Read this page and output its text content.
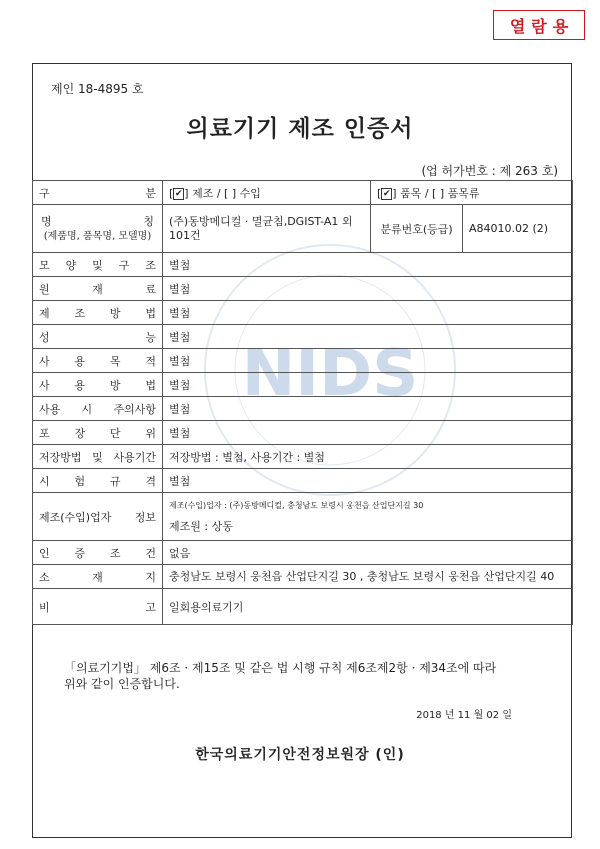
열람용
NIDS
제인 18-4895 호
의료기기 제조 인증서
(업 허가번호 : 제 263 호)
구 분	[ ✔ ] 제조 / [ ] 수입	[ ✔ ] 품목 / [ ] 품목류	

명 칭
(제품명, 품목명, 모델명)	(주)동방메디컬 · 멸균침,DGIST-A1 외 101건	분류번호(등급)	A84010.02 (2)
모 양 및 구 조	별첨		
원 재 료	별첨		
제 조 방 법	별첨		
성 능	별첨		
사 용 목 적	별첨		
사 용 방 법	별첨		
사용 시 주의사항	별첨		
포 장 단 위	별첨		
저장방법 및 사용기간	저장방법 : 별첨, 사용기간 : 별첨		
시 험 규 격	별첨		
제조(수입)업자 정보	제조(수입)업자 : (주)동방메디컬, 충청남도 보령시 웅천읍 산업단지길 30
제조원 : 상동		

인 증 조 건	없음		
소 재 지	충청남도 보령시 웅천읍 산업단지길 30 , 충청남도 보령시 웅천읍 산업단지길 40		
비 고	일회용의료기기		
「의료기기법」 제6조 · 제15조 및 같은 법 시행 규칙 제6조제2항 · 제34조에 따라
위와 같이 인증합니다.
2018 년 11 월 02 일
한국의료기기안전정보원장 (인)
